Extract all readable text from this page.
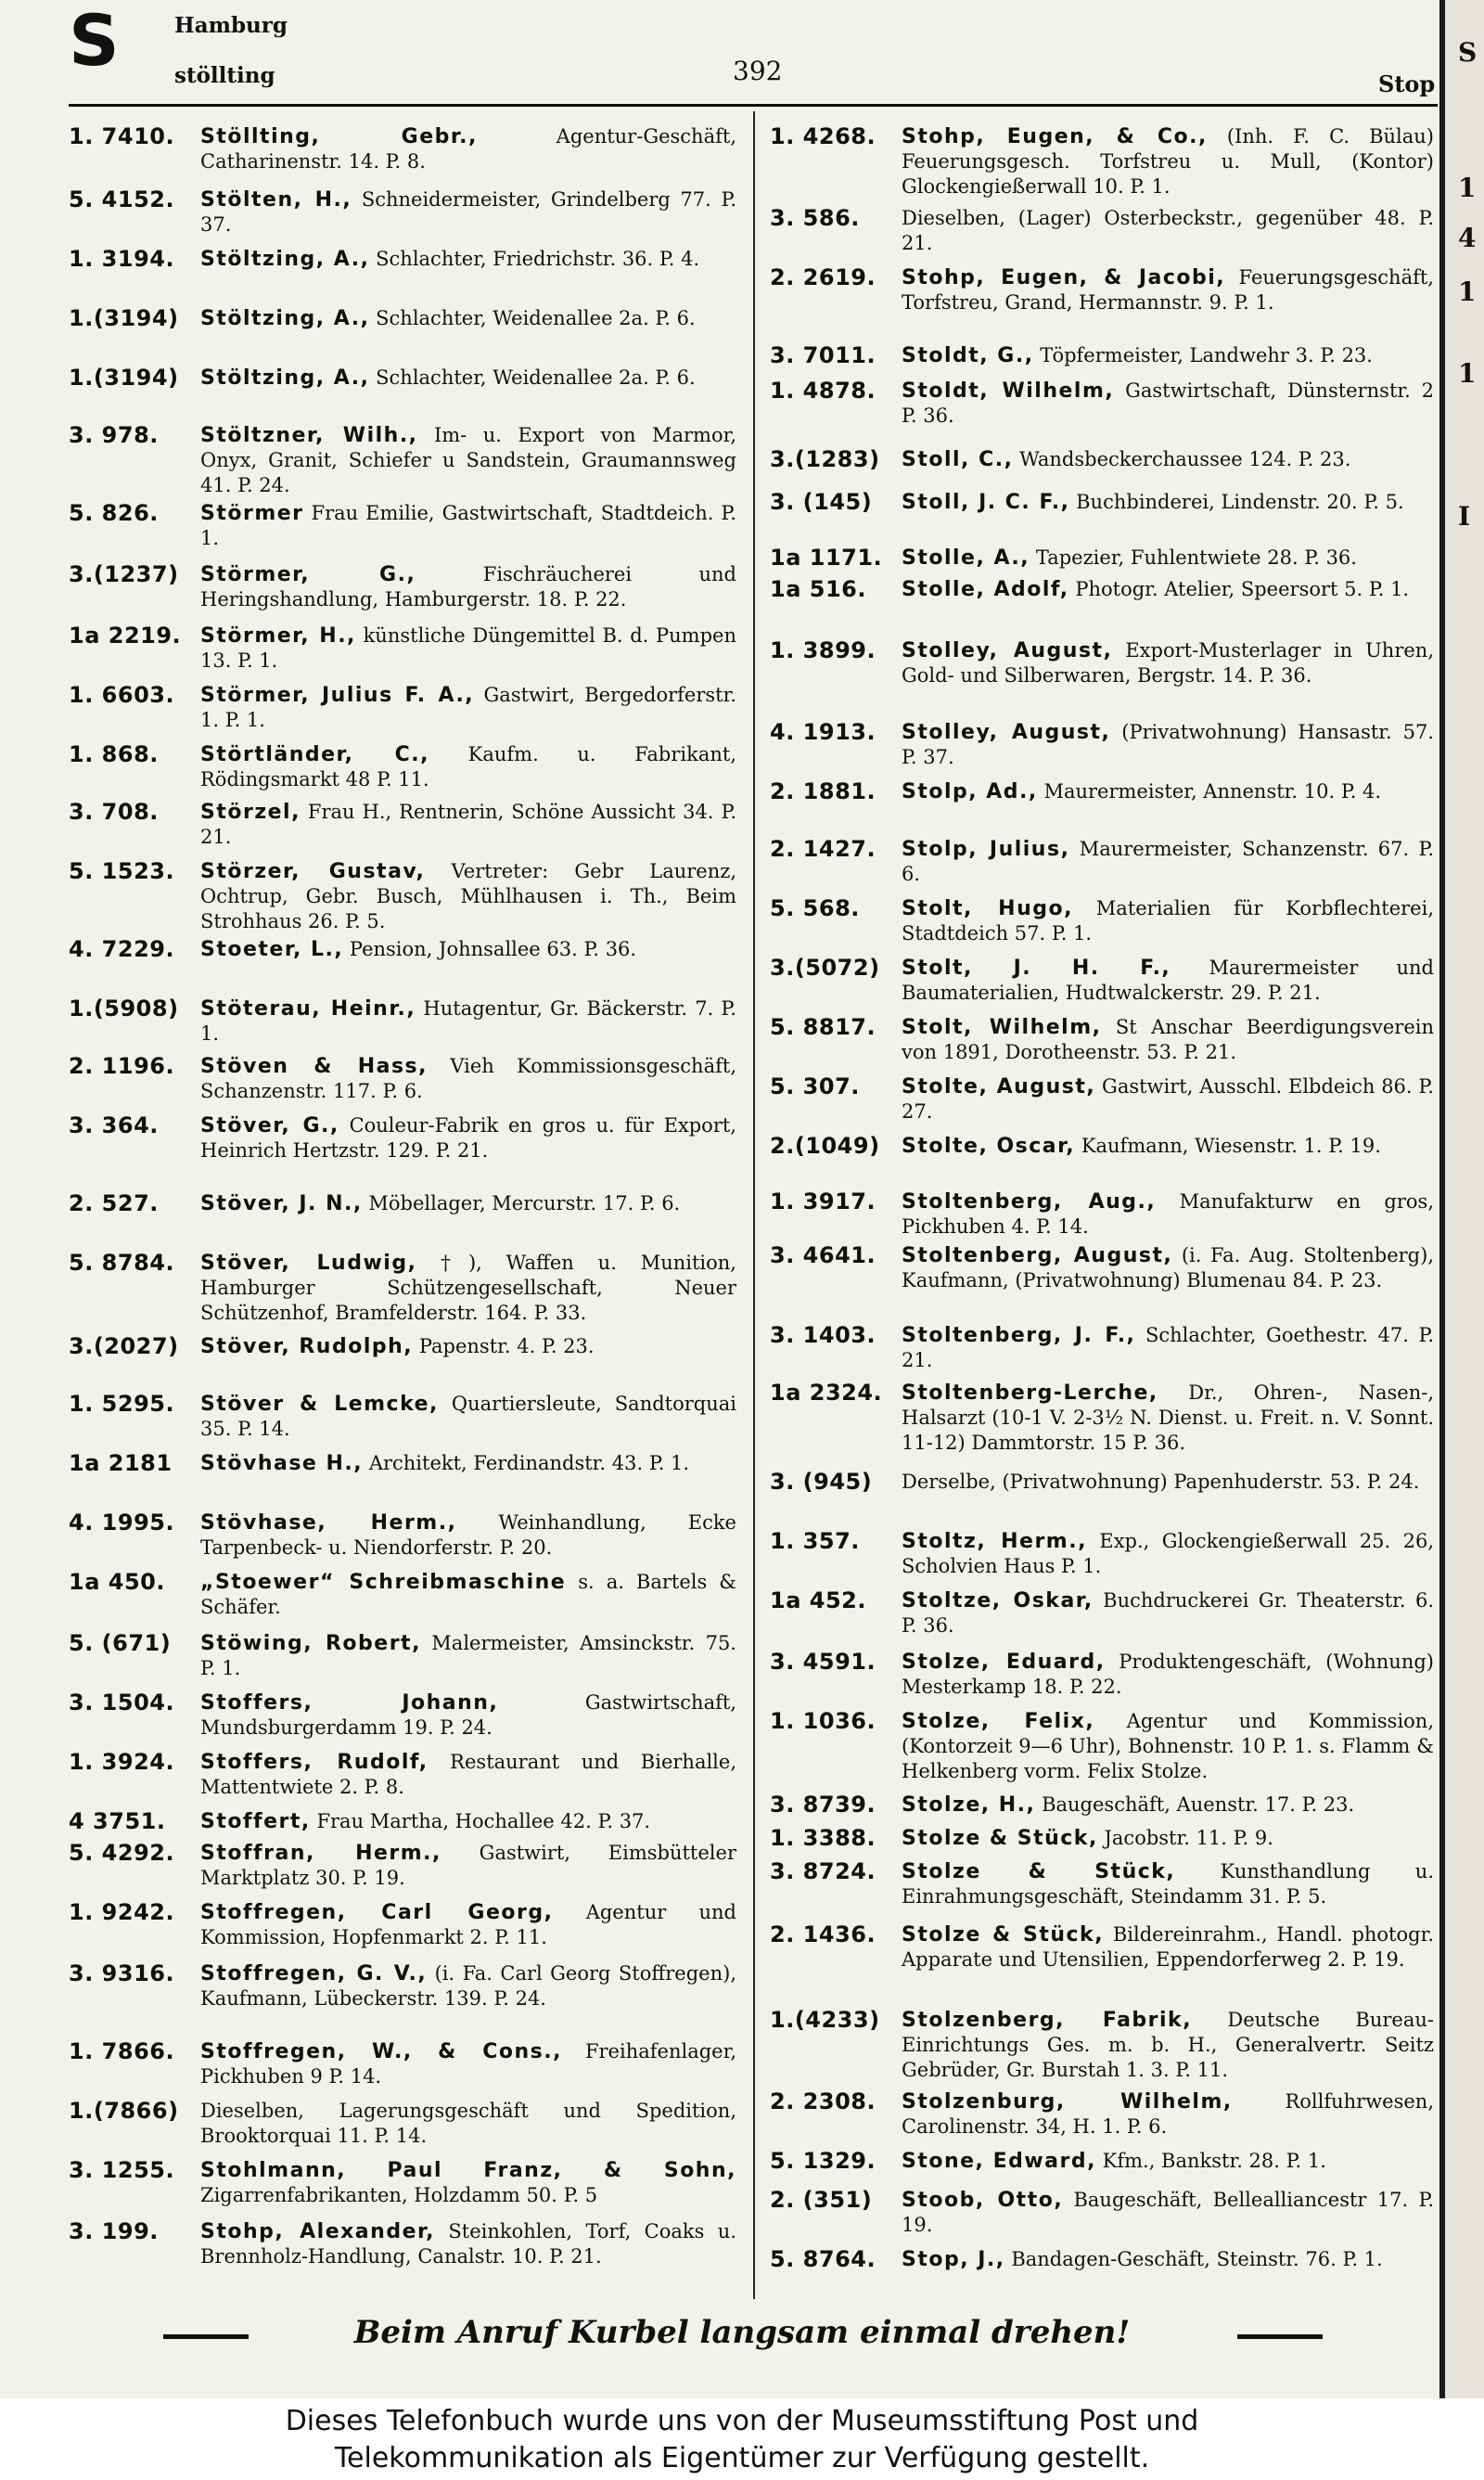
S	Hamburg
stöllting	392	Stop
S
1
4
1
1
I
1. 7410.	Stöllting, Gebr., Agentur-Geschäft, Catharinenstr. 14. P. 8.
5. 4152.	Stölten, H., Schneidermeister, Grindelberg 77. P. 37.
1. 3194.	Stöltzing, A., Schlachter, Friedrichstr. 36. P. 4.
1.(3194)	Stöltzing, A., Schlachter, Weidenallee 2a. P. 6.
1.(3194)	Stöltzing, A., Schlachter, Weidenallee 2a. P. 6.
3. 978.	Stöltzner, Wilh., Im- u. Export von Marmor, Onyx, Granit, Schiefer u Sandstein, Graumannsweg 41. P. 24.
5. 826.	Störmer Frau Emilie, Gastwirtschaft, Stadtdeich. P. 1.
3.(1237)	Störmer, G., Fischräucherei und Heringshandlung, Hamburgerstr. 18. P. 22.
1a 2219. Störmer, H., künstliche Düngemittel B. d. Pumpen 13. P. 1.
1. 6603.	Störmer, Julius F. A., Gastwirt, Bergedorferstr. 1. P. 1.
1. 868.	Störtländer, C., Kaufm. u. Fabrikant, Rödingsmarkt 48 P. 11.
3. 708.	Störzel, Frau H., Rentnerin, Schöne Aussicht 34. P. 21.
5. 1523.	Störzer, Gustav, Vertreter: Gebr Laurenz, Ochtrup, Gebr. Busch, Mühlhausen i. Th., Beim Strohhaus 26. P. 5.
4. 7229.	Stoeter, L., Pension, Johnsallee 63. P. 36.
1.(5908)	Stöterau, Heinr., Hutagentur, Gr. Bäckerstr. 7. P. 1.
2. 1196.	Stöven & Hass, Vieh Kommissionsgeschäft, Schanzenstr. 117. P. 6.
3. 364.	Stöver, G., Couleur-Fabrik en gros u. für Export, Heinrich Hertzstr. 129. P. 21.
2. 527.	Stöver, J. N., Möbellager, Mercurstr. 17. P. 6.
5. 8784.	Stöver, Ludwig, †), Waffen u. Munition, Hamburger Schützengesellschaft, Neuer Schützenhof, Bramfelderstr. 164. P. 33.
3.(2027)	Stöver, Rudolph, Papenstr. 4. P. 23.
1. 5295.	Stöver & Lemcke, Quartiersleute, Sandtorquai 35. P. 14.
1a 2181	Stövhase H., Architekt, Ferdinandstr. 43. P. 1.
4. 1995.	Stövhase, Herm., Weinhandlung, Ecke Tarpenbeck- u. Niendorferstr. P. 20.
1a 450.	„Stoewer“ Schreibmaschine s. a. Bartels & Schäfer.
5. (671)	Stöwing, Robert, Malermeister, Amsinckstr. 75. P. 1.
3. 1504.	Stoffers, Johann, Gastwirtschaft, Mundsburgerdamm 19. P. 24.
1. 3924.	Stoffers, Rudolf, Restaurant und Bierhalle, Mattentwiete 2. P. 8.
4 3751.	Stoffert, Frau Martha, Hochallee 42. P. 37.
5. 4292.	Stoffran, Herm., Gastwirt, Eimsbütteler Marktplatz 30. P. 19.
1. 9242.	Stoffregen, Carl Georg, Agentur und Kommission, Hopfenmarkt 2. P. 11.
3. 9316.	Stoffregen, G. V., (i. Fa. Carl Georg Stoffregen), Kaufmann, Lübeckerstr. 139. P. 24.
1. 7866.	Stoffregen, W., & Cons., Freihafenlager, Pickhuben 9 P. 14.
1.(7866)	Dieselben, Lagerungsgeschäft und Spedition, Brooktorquai 11. P. 14.
3. 1255.	Stohlmann, Paul Franz, & Sohn, Zigarrenfabrikanten, Holzdamm 50. P. 5
3. 199.	Stohp, Alexander, Steinkohlen, Torf, Coaks u. Brennholz-Handlung, Canalstr. 10. P. 21.
1. 4268.	Stohp, Eugen, & Co., (Inh. F. C. Bülau) Feuerungsgesch. Torfstreu u. Mull, (Kontor) Glockengießerwall 10. P. 1.
3. 586.	Dieselben, (Lager) Osterbeckstr., gegenüber 48. P. 21.
2. 2619.	Stohp, Eugen, & Jacobi, Feuerungsgeschäft, Torfstreu, Grand, Hermannstr. 9. P. 1.
3. 7011.	Stoldt, G., Töpfermeister, Landwehr 3. P. 23.
1. 4878.	Stoldt, Wilhelm, Gastwirtschaft, Dünsternstr. 2 P. 36.
3.(1283)	Stoll, C., Wandsbeckerchaussee 124. P. 23.
3. (145)	Stoll, J. C. F., Buchbinderei, Lindenstr. 20. P. 5.
1a 1171. Stolle, A., Tapezier, Fuhlentwiete 28. P. 36.
1a 516.	Stolle, Adolf, Photogr. Atelier, Speersort 5. P. 1.
1. 3899.	Stolley, August, Export-Musterlager in Uhren, Gold- und Silberwaren, Bergstr. 14. P. 36.
4. 1913.	Stolley, August, (Privatwohnung) Hansastr. 57. P. 37.
2. 1881.	Stolp, Ad., Maurermeister, Annenstr. 10. P. 4.
2. 1427.	Stolp, Julius, Maurermeister, Schanzenstr. 67. P. 6.
5. 568.	Stolt, Hugo, Materialien für Korbflechterei, Stadtdeich 57. P. 1.
3.(5072)	Stolt, J. H. F., Maurermeister und Baumaterialien, Hudtwalckerstr. 29. P. 21.
5. 8817.	Stolt, Wilhelm, St Anschar Beerdigungsverein von 1891, Dorotheenstr. 53. P. 21.
5. 307.	Stolte, August, Gastwirt, Ausschl. Elbdeich 86. P. 27.
2.(1049)	Stolte, Oscar, Kaufmann, Wiesenstr. 1. P. 19.
1. 3917.	Stoltenberg, Aug., Manufakturw en gros, Pickhuben 4. P. 14.
3. 4641.	Stoltenberg, August, (i. Fa. Aug. Stoltenberg), Kaufmann, (Privatwohnung) Blumenau 84. P. 23.
3. 1403.	Stoltenberg, J. F., Schlachter, Goethestr. 47. P. 21.
1a 2324. Stoltenberg-Lerche, Dr., Ohren-, Nasen-, Halsarzt (10-1 V. 2-3½ N. Dienst. u. Freit. n. V. Sonnt. 11-12) Dammtorstr. 15 P. 36.
3. (945)	Derselbe, (Privatwohnung) Papenhuderstr. 53. P. 24.
1. 357.	Stoltz, Herm., Exp., Glockengießerwall 25. 26, Scholvien Haus P. 1.
1a 452.	Stoltze, Oskar, Buchdruckerei Gr. Theaterstr. 6. P. 36.
3. 4591.	Stolze, Eduard, Produktengeschäft, (Wohnung) Mesterkamp 18. P. 22.
1. 1036.	Stolze, Felix, Agentur und Kommission, (Kontorzeit 9—6 Uhr), Bohnenstr. 10 P. 1. s. Flamm & Helkenberg vorm. Felix Stolze.
3. 8739.	Stolze, H., Baugeschäft, Auenstr. 17. P. 23.
1. 3388.	Stolze & Stück, Jacobstr. 11. P. 9.
3. 8724.	Stolze & Stück, Kunsthandlung u. Einrahmungsgeschäft, Steindamm 31. P. 5.
2. 1436.	Stolze & Stück, Bildereinrahm., Handl. photogr. Apparate und Utensilien, Eppendorferweg 2. P. 19.
1.(4233)	Stolzenberg, Fabrik, Deutsche Bureau-Einrichtungs Ges. m. b. H., Generalvertr. Seitz Gebrüder, Gr. Burstah 1. 3. P. 11.
2. 2308.	Stolzenburg, Wilhelm, Rollfuhrwesen, Carolinenstr. 34, H. 1. P. 6.
5. 1329.	Stone, Edward, Kfm., Bankstr. 28. P. 1.
2. (351)	Stoob, Otto, Baugeschäft, Bellealliancestr 17. P. 19.
5. 8764.	Stop, J., Bandagen-Geschäft, Steinstr. 76. P. 1.
Beim Anruf Kurbel langsam einmal drehen!
Dieses Telefonbuch wurde uns von der Museumsstiftung Post und
Telekommunikation als Eigentümer zur Verfügung gestellt.
